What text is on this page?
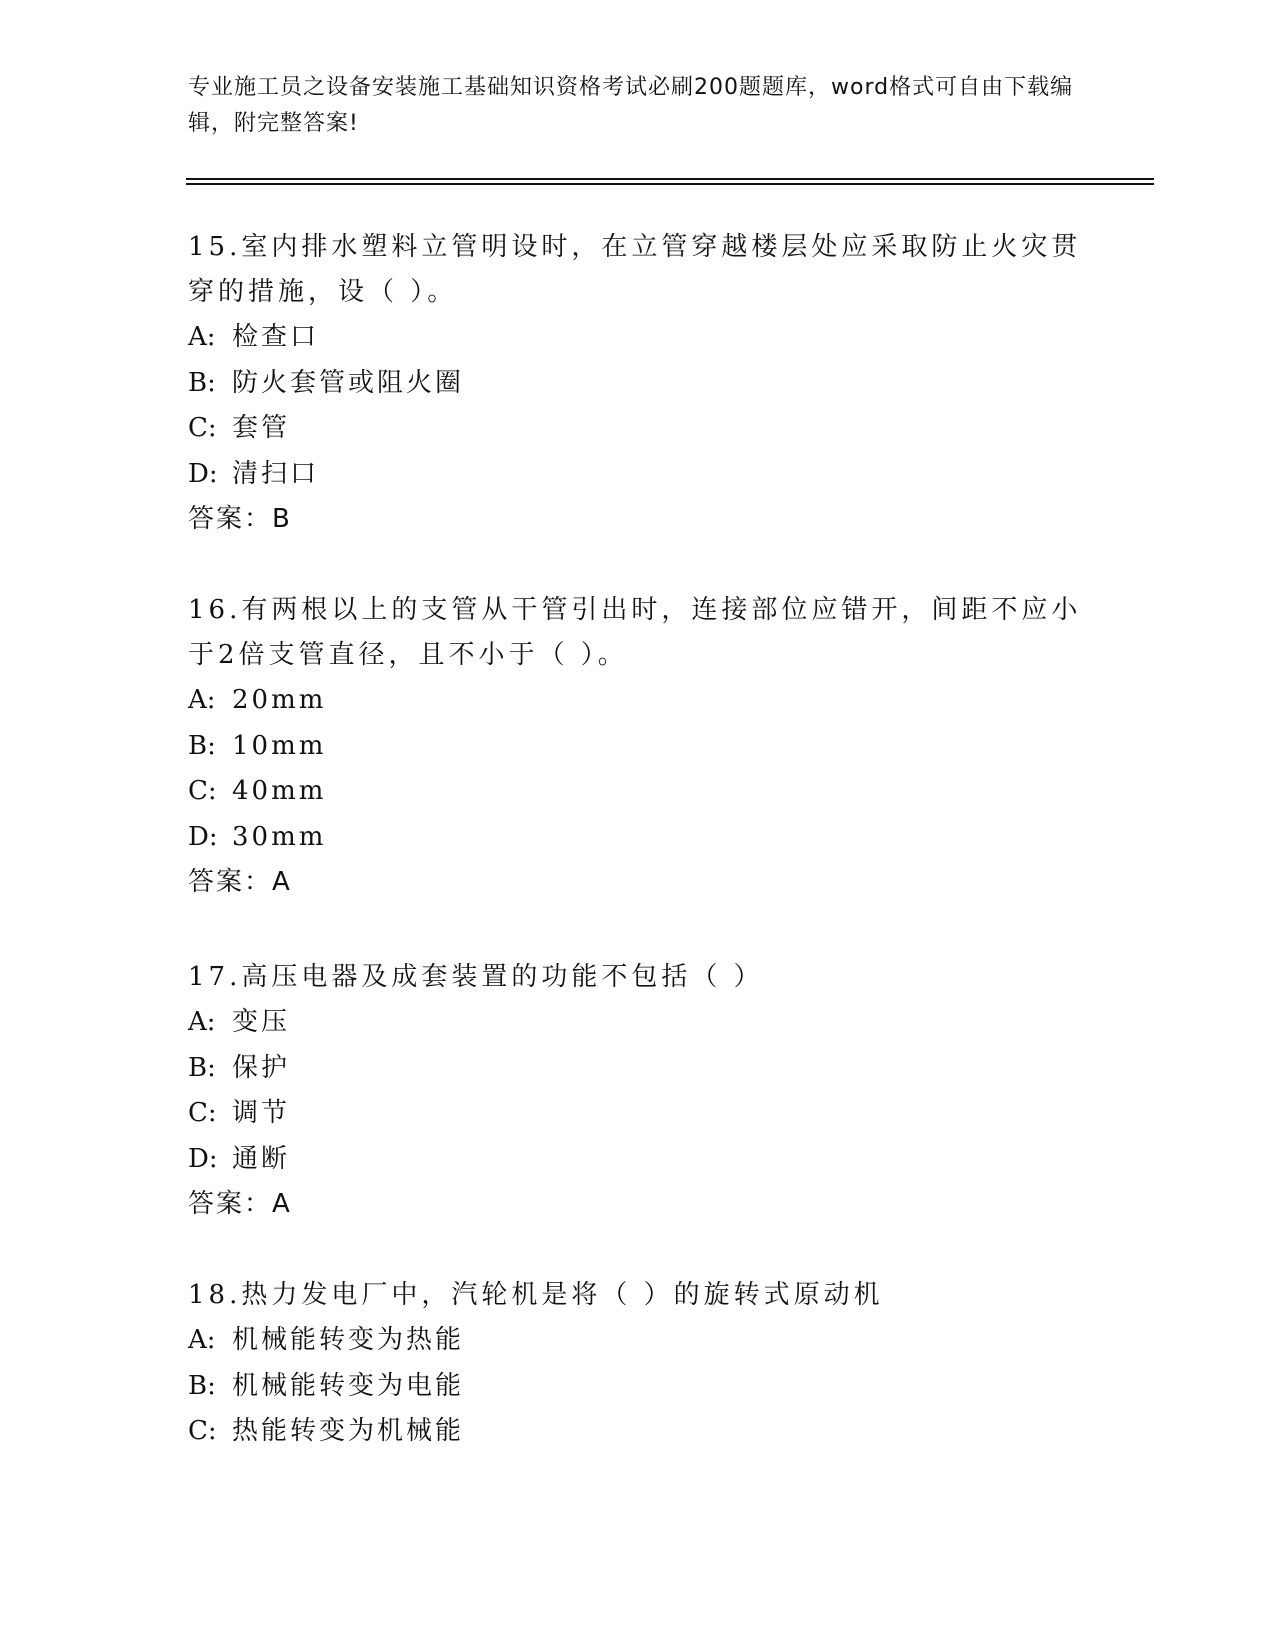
专业施工员之设备安装施工基础知识资格考试必刷200题题库，word格式可自由下载编辑，附完整答案!
15.室内排水塑料立管明设时，在立管穿越楼层处应采取防止火灾贯穿的措施，设（ ）。
A: 检查口
B: 防火套管或阻火圈
C: 套管
D: 清扫口
答案：B
16.有两根以上的支管从干管引出时，连接部位应错开，间距不应小于2倍支管直径，且不小于（ ）。
A: 20mm
B: 10mm
C: 40mm
D: 30mm
答案：A
17.高压电器及成套装置的功能不包括（ ）
A: 变压
B: 保护
C: 调节
D: 通断
答案：A
18.热力发电厂中，汽轮机是将（ ）的旋转式原动机
A: 机械能转变为热能
B: 机械能转变为电能
C: 热能转变为机械能
